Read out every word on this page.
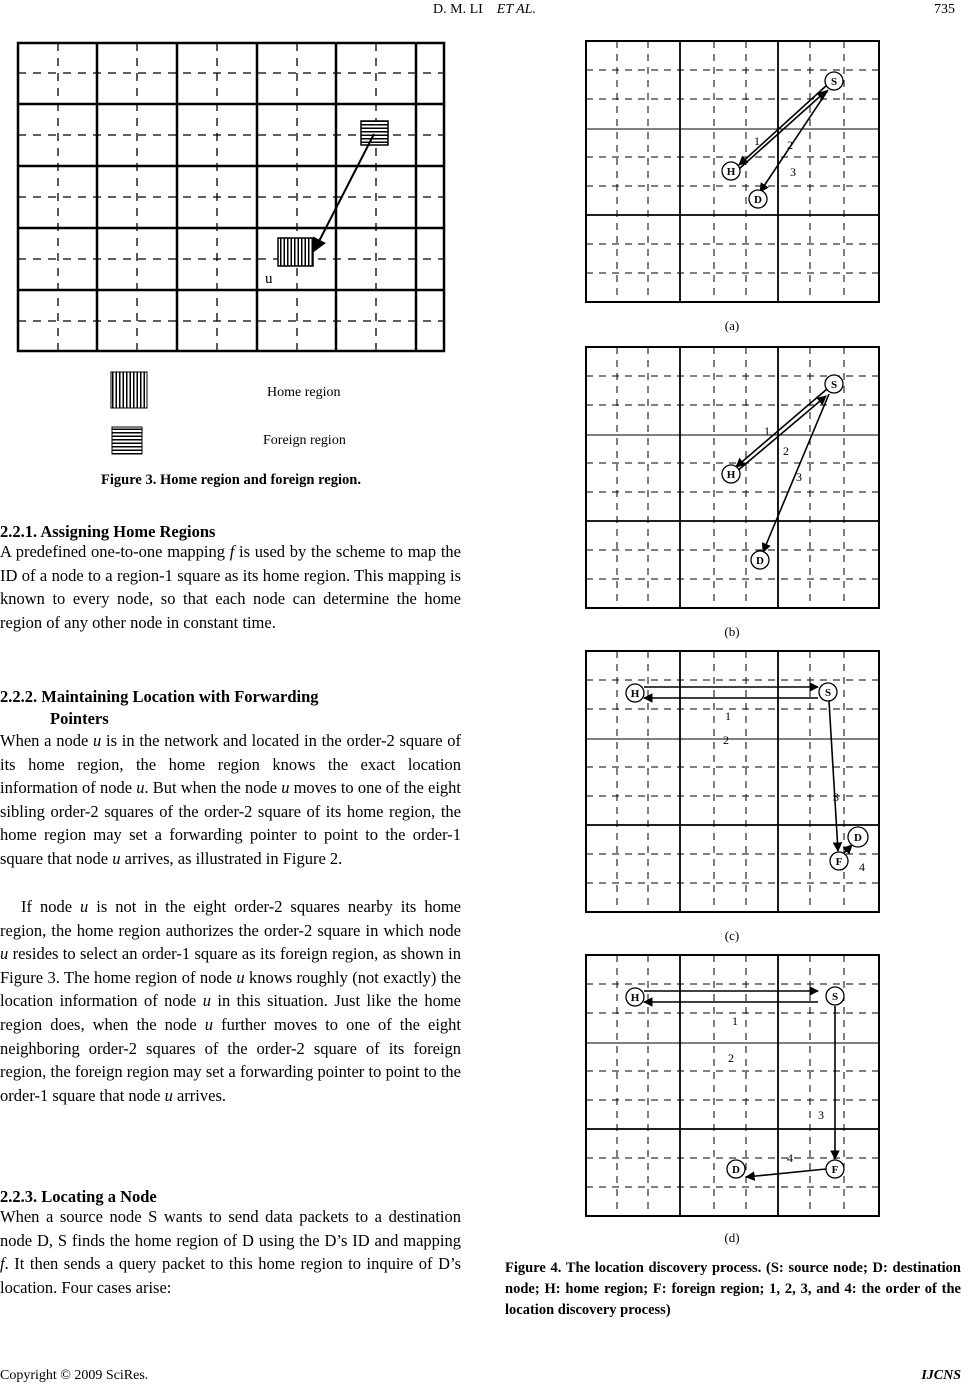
D. M. LI ET AL.	735
u
Home region
Foreign region
Figure 3. Home region and foreign region.
2.2.1. Assigning Home Regions
A predefined one-to-one mapping f is used by the scheme to map the ID of a node to a region-1 square as its home region. This mapping is known to every node, so that each node can determine the home region of any other node in constant time.
2.2.2. Maintaining Location with Forwarding
Pointers
When a node u is in the network and located in the order-2 square of its home region, the home region knows the exact location information of node u. But when the node u moves to one of the eight sibling order-2 squares of the order-2 square of its home region, the home region may set a forwarding pointer to point to the order-1 square that node u arrives, as illustrated in Figure 2.
If node u is not in the eight order-2 squares nearby its home region, the home region authorizes the order-2 square in which node u resides to select an order-1 square as its foreign region, as shown in Figure 3. The home region of node u knows roughly (not exactly) the location information of node u in this situation. Just like the home region does, when the node u further moves to one of the eight neighboring order-2 squares of the order-2 square of its foreign region, the foreign region may set a forwarding pointer to point to the order-1 square that node u arrives.
2.2.3. Locating a Node
When a source node S wants to send data packets to a destination node D, S finds the home region of D using the D’s ID and mapping f. It then sends a query packet to this home region to inquire of D’s location. Four cases arise:
S
H
D
1 2
3
(a)
S
H
D
1
2
3
(b)
H	S
D
F
1
2
3
4
(c)
H	S
D	F
1
2
3
4
(d)
Figure 4. The location discovery process. (S: source node; D: destination node; H: home region; F: foreign region; 1, 2, 3, and 4: the order of the location discovery process)
Copyright © 2009 SciRes.	IJCNS
